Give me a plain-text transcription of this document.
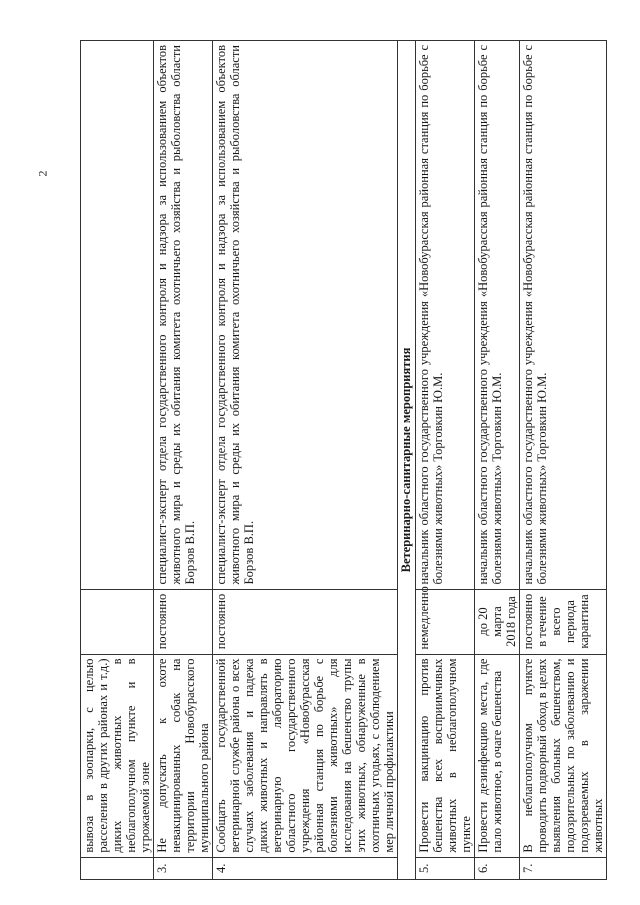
2
	вывоза в зоопарки, с целью расселения в других районах и т.д.) диких животных в неблагополучном пункте и в угрожаемой зоне		
3.	Не допускать к охоте невакцинированных собак на территории Новобурасского муниципального района	постоянно	специалист-эксперт отдела государственного контроля и надзора за использованием объектов животного мира и среды их обитания комитета охотничьего хозяйства и рыболовства области Борзов В.П.
4.	Сообщать государственной ветеринарной службе района о всех случаях заболевания и падежа диких животных и направлять в ветеринарную лабораторию областного государственного учреждения «Новобурасская районная станция по борьбе с болезнями животных» для исследования на бешенство трупы этих животных, обнаруженные в охотничьих угодьях, с соблюдением мер личной профилактики	постоянно	специалист-эксперт отдела государственного контроля и надзора за использованием объектов животного мира и среды их обитания комитета охотничьего хозяйства и рыболовства области Борзов В.П.
Ветеринарно-санитарные мероприятия			
5.	Провести вакцинацию против бешенства всех восприимчивых животных в неблагополучном пункте	немедленно	начальник областного государственного учреждения «Новобурасская районная станция по борьбе с болезнями животных» Торговкин Ю.М.
6.	Провести дезинфекцию места, где пало животное, в очаге бешенства	до 20 марта 2018 года	начальник областного государственного учреждения «Новобурасская районная станция по борьбе с болезнями животных» Торговкин Ю.М.
7.	В неблагополучном пункте проводить подворный обход в целях выявления больных бешенством, подозрительных по заболеванию и подозреваемых в заражении животных	постоянно в течение всего периода карантина	начальник областного государственного учреждения «Новобурасская районная станция по борьбе с болезнями животных» Торговкин Ю.М.
